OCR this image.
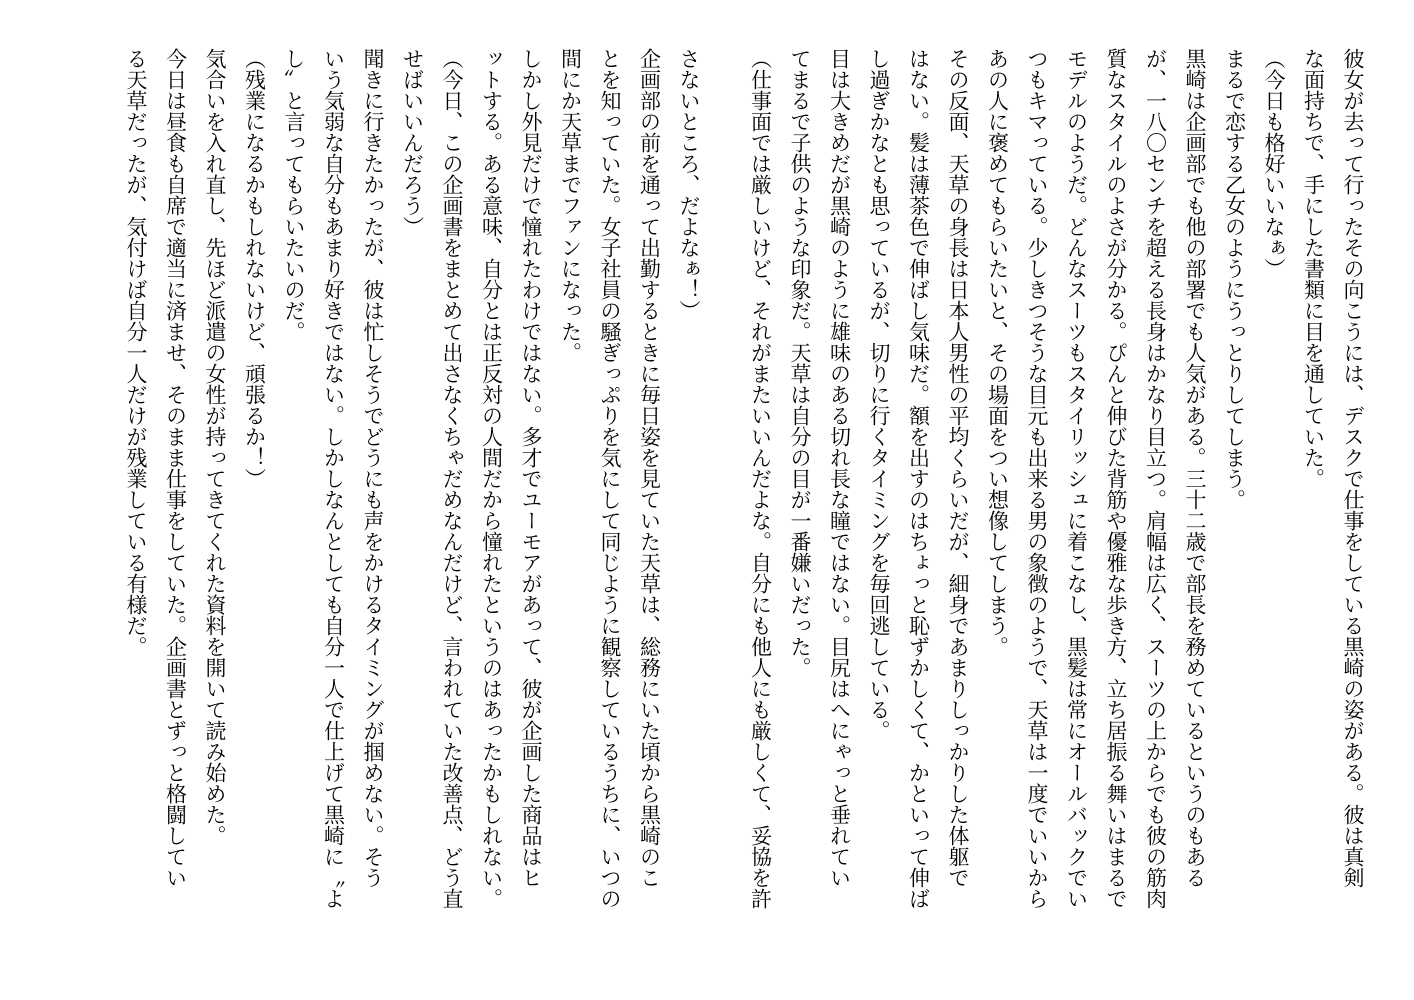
彼女が去って行ったその向こうには、デスクで仕事をしている黒崎の姿がある。彼は真剣

な面持ちで、手にした書類に目を通していた。

（今日も格好いいなぁ）

まるで恋する乙女のようにうっとりしてしまう。

黒崎は企画部でも他の部署でも人気がある。三十二歳で部長を務めているというのもある

が、一八〇センチを超える長身はかなり目立つ。肩幅は広く、スーツの上からでも彼の筋肉

質なスタイルのよさが分かる。ぴんと伸びた背筋や優雅な歩き方、立ち居振る舞いはまるで

モデルのようだ。どんなスーツもスタイリッシュに着こなし、黒髪は常にオールバックでい

つもキマっている。少しきつそうな目元も出来る男の象徴のようで、天草は一度でいいから

あの人に褒めてもらいたいと、その場面をつい想像してしまう。

その反面、天草の身長は日本人男性の平均くらいだが、細身であまりしっかりした体躯で

はない。髪は薄茶色で伸ばし気味だ。額を出すのはちょっと恥ずかしくて、かといって伸ば

し過ぎかなとも思っているが、切りに行くタイミングを毎回逃している。

目は大きめだが黒崎のように雄味のある切れ長な瞳ではない。目尻はへにゃっと垂れてい

てまるで子供のような印象だ。天草は自分の目が一番嫌いだった。

（仕事面では厳しいけど、それがまたいいんだよな。自分にも他人にも厳しくて、妥協を許

さないところ、だよなぁ！）

企画部の前を通って出勤するときに毎日姿を見ていた天草は、総務にいた頃から黒崎のこ

とを知っていた。女子社員の騒ぎっぷりを気にして同じように観察しているうちに、いつの

間にか天草までファンになった。

しかし外見だけで憧れたわけではない。多才でユーモアがあって、彼が企画した商品はヒ

ットする。ある意味、自分とは正反対の人間だから憧れたというのはあったかもしれない。

（今日、この企画書をまとめて出さなくちゃだめなんだけど、言われていた改善点、どう直

せばいいんだろう）

聞きに行きたかったが、彼は忙しそうでどうにも声をかけるタイミングが掴めない。そう

いう気弱な自分もあまり好きではない。しかしなんとしても自分一人で仕上げて黒崎に〝よ

し〟と言ってもらいたいのだ。

（残業になるかもしれないけど、頑張るか！）

気合いを入れ直し、先ほど派遣の女性が持ってきてくれた資料を開いて読み始めた。

今日は昼食も自席で適当に済ませ、そのまま仕事をしていた。企画書とずっと格闘してい

る天草だったが、気付けば自分一人だけが残業している有様だ。
